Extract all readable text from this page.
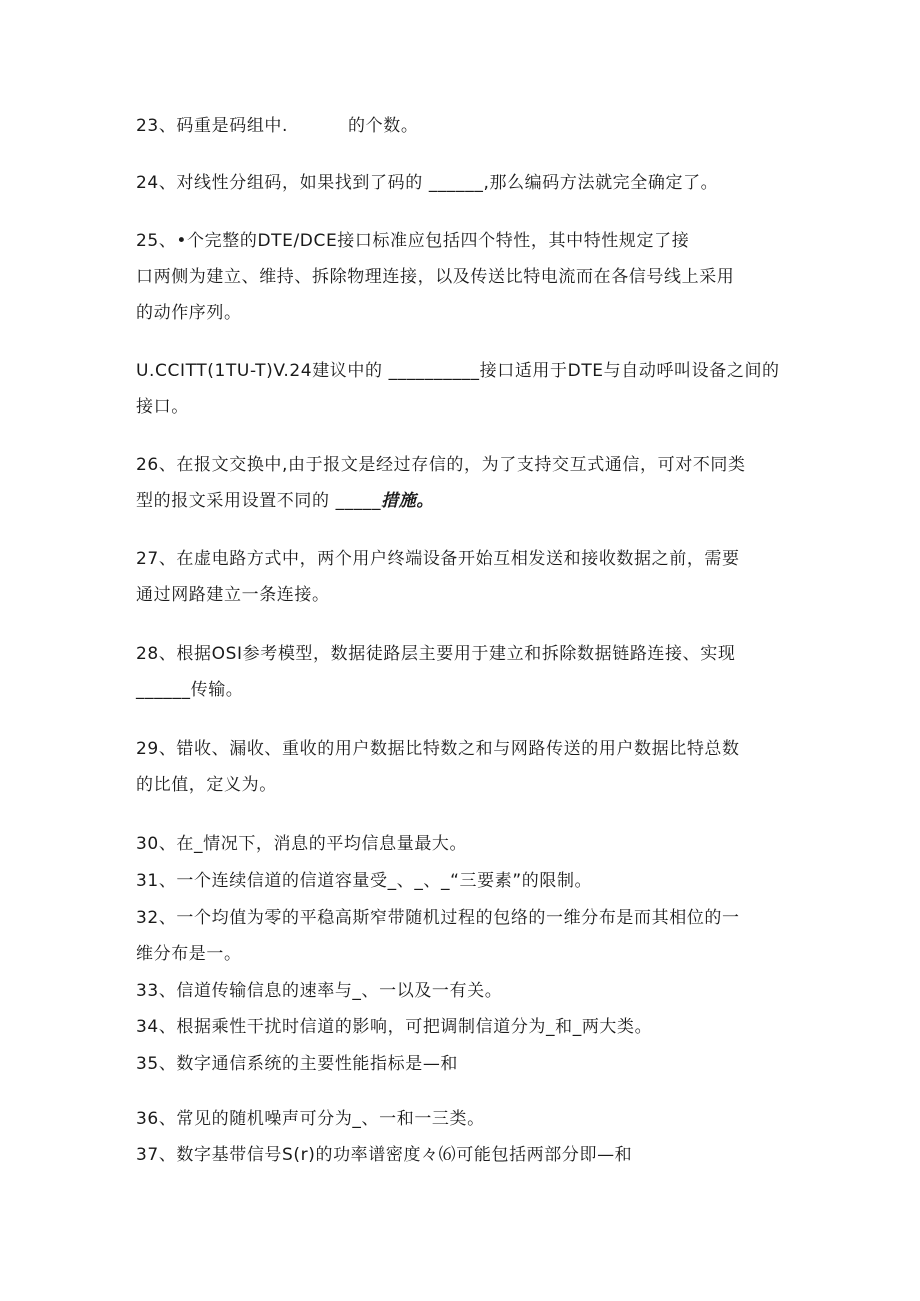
23、码重是码组中.	的个数。
24、对线性分组码，如果找到了码的 ______,那么编码方法就完全确定了。
25、•个完整的DTE/DCE接口标准应包括四个特性，其中特性规定了接
口两侧为建立、维持、拆除物理连接，以及传送比特电流而在各信号线上采用
的动作序列。
U.CCITT(1TU-T)V.24建议中的 __________接口适用于DTE与自动呼叫设备之间的
接口。
26、在报文交换中,由于报文是经过存信的，为了支持交互式通信，可对不同类
型的报文采用设置不同的 _____措施。
27、在虚电路方式中，两个用户终端设备开始互相发送和接收数据之前，需要
通过网路建立一条连接。
28、根据OSI参考模型，数据徒路层主要用于建立和拆除数据链路连接、实现
______传输。
29、错收、漏收、重收的用户数据比特数之和与网路传送的用户数据比特总数
的比值，定义为。
30、在_情况下，消息的平均信息量最大。
31、一个连续信道的信道容量受_、_、_“三要素”的限制。
32、一个均值为零的平稳高斯窄带随机过程的包络的一维分布是而其相位的一
维分布是一。
33、信道传输信息的速率与_、一以及一有关。
34、根据乘性干扰时信道的影响，可把调制信道分为_和_两大类。
35、数字通信系统的主要性能指标是—和
36、常见的随机噪声可分为_、一和一三类。
37、数字基带信号S(r)的功率谱密度々⑹可能包括两部分即—和
